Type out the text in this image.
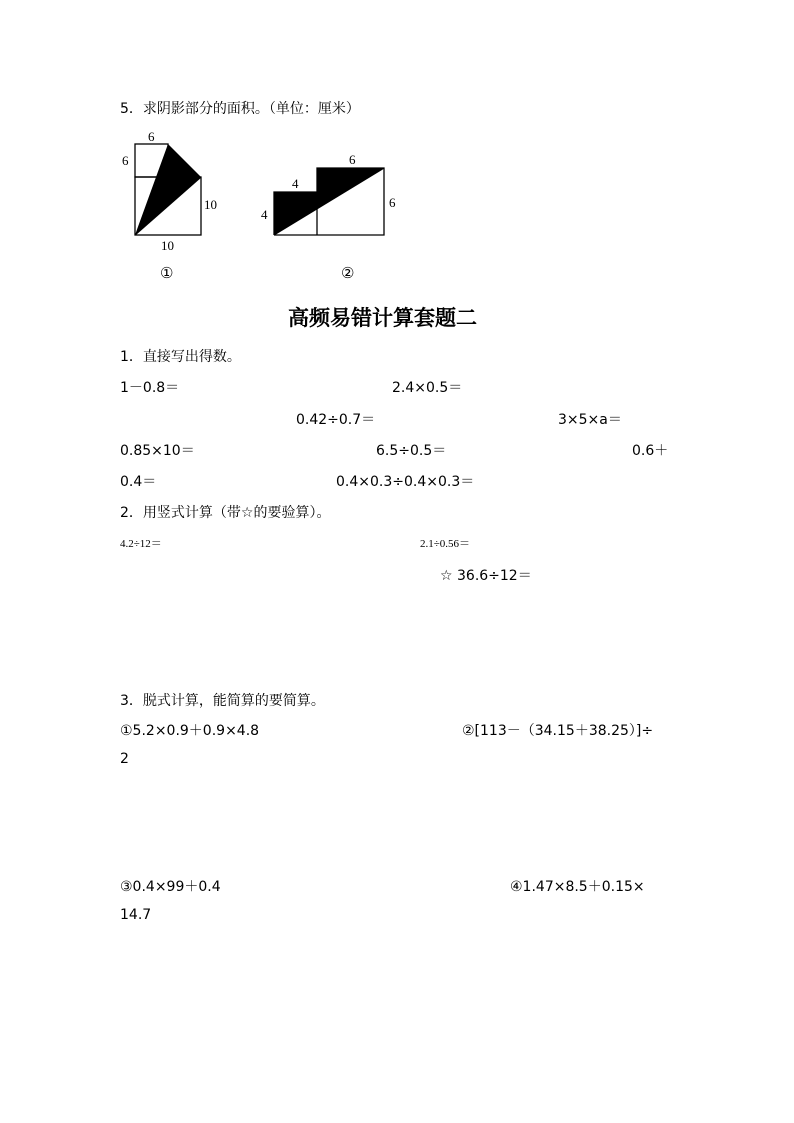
5．求阴影部分的面积。（单位：厘米）
6
6
10
10
①
4
4
6
6
②
高频易错计算套题二
1．直接写出得数。
1－0.8＝	2.4×0.5＝
0.42÷0.7＝	3×5×a＝
0.85×10＝	6.5÷0.5＝	0.6＋
0.4＝	0.4×0.3÷0.4×0.3＝
2．用竖式计算（带☆的要验算）。
4.2÷12＝	2.1÷0.56＝
☆ 36.6÷12＝
3．脱式计算，能简算的要简算。
①5.2×0.9＋0.9×4.8	②[113－（34.15＋38.25）]÷
2
③0.4×99＋0.4	④1.47×8.5＋0.15×
14.7
